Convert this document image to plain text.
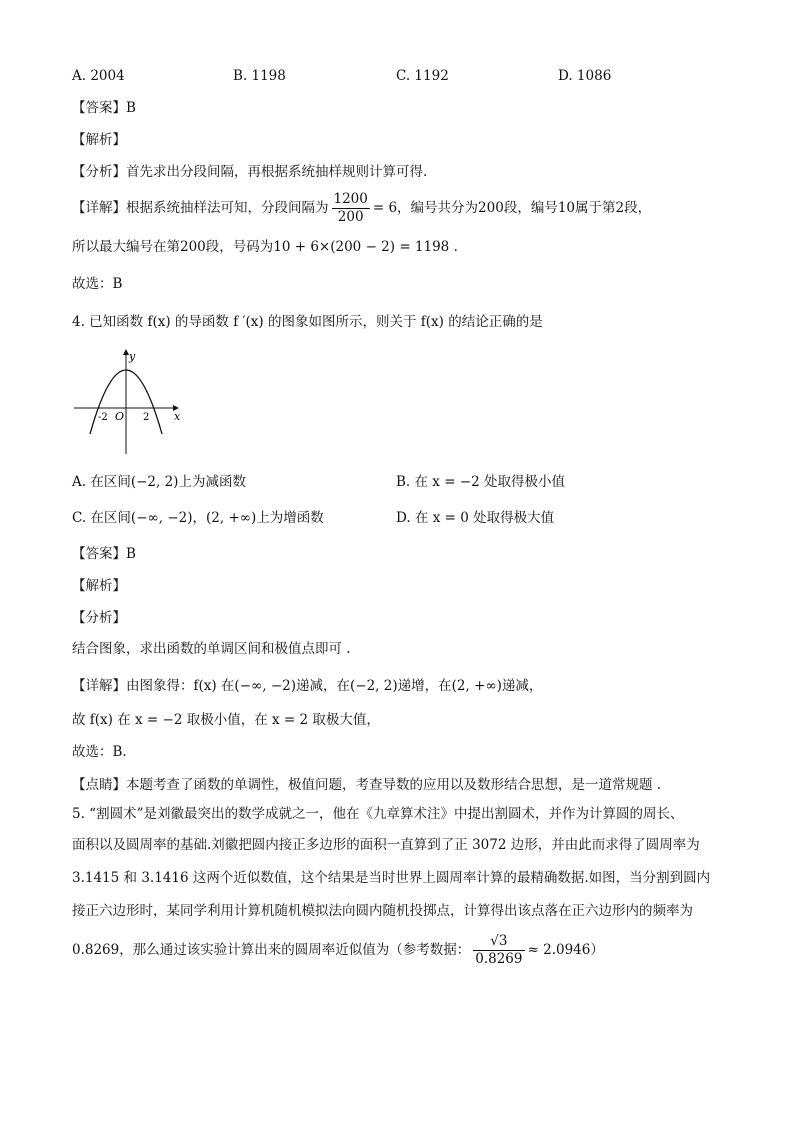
A. 2004	B. 1198	C. 1192	D. 1086
【答案】B
【解析】
【分析】首先求出分段间隔，再根据系统抽样规则计算可得.
【详解】根据系统抽样法可知，分段间隔为 $\frac{1200}{200} = 6$，编号共分为200段，编号10属于第2段，
所以最大编号在第200段，号码为10 + 6×(200 − 2) = 1198 .
故选：B
4. 已知函数 f(x) 的导函数 f ′(x) 的图象如图所示，则关于 f(x) 的结论正确的是
y
x
O
-2	2
A. 在区间(−2, 2)上为减函数	B. 在 x = −2 处取得极小值
C. 在区间(−∞, −2)，(2, +∞)上为增函数	D. 在 x = 0 处取得极大值
【答案】B
【解析】
【分析】
结合图象，求出函数的单调区间和极值点即可 .
【详解】由图象得：f(x) 在(−∞, −2)递减，在(−2, 2)递增，在(2, +∞)递减，
故 f(x) 在 x = −2 取极小值，在 x = 2 取极大值，
故选：B.
【点睛】本题考查了函数的单调性，极值问题，考查导数的应用以及数形结合思想，是一道常规题 .
5. “割圆术”是刘徽最突出的数学成就之一，他在《九章算术注》中提出割圆术，并作为计算圆的周长、
面积以及圆周率的基础.刘徽把圆内接正多边形的面积一直算到了正 3072 边形，并由此而求得了圆周率为
3.1415 和 3.1416 这两个近似数值，这个结果是当时世界上圆周率计算的最精确数据.如图，当分割到圆内
接正六边形时，某同学利用计算机随机模拟法向圆内随机投掷点，计算得出该点落在正六边形内的频率为
0.8269，那么通过该实验计算出来的圆周率近似值为（参考数据： $\frac{√3}{0.8269} \approx 2.0946$）
